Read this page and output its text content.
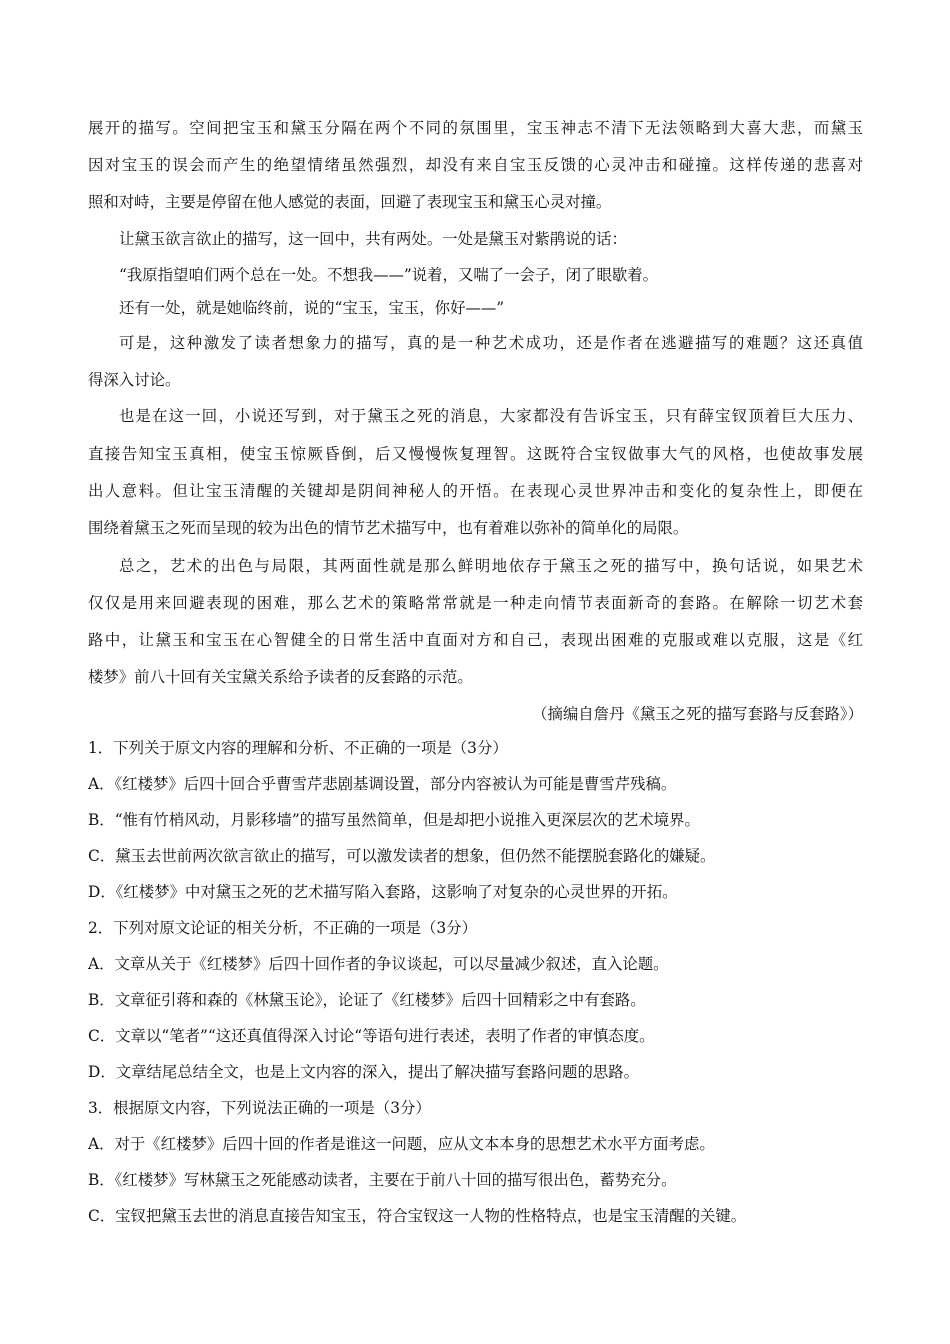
展开的描写。空间把宝玉和黛玉分隔在两个不同的氛围里，宝玉神志不清下无法领略到大喜大悲，而黛玉
因对宝玉的误会而产生的绝望情绪虽然强烈，却没有来自宝玉反馈的心灵冲击和碰撞。这样传递的悲喜对
照和对峙，主要是停留在他人感觉的表面，回避了表现宝玉和黛玉心灵对撞。
让黛玉欲言欲止的描写，这一回中，共有两处。一处是黛玉对紫鹃说的话：
“我原指望咱们两个总在一处。不想我——”说着，又喘了一会子，闭了眼歇着。
还有一处，就是她临终前，说的“宝玉，宝玉，你好——”
可是，这种激发了读者想象力的描写，真的是一种艺术成功，还是作者在逃避描写的难题？这还真值
得深入讨论。
也是在这一回，小说还写到，对于黛玉之死的消息，大家都没有告诉宝玉，只有薛宝钗顶着巨大压力、
直接告知宝玉真相，使宝玉惊厥昏倒，后又慢慢恢复理智。这既符合宝钗做事大气的风格，也使故事发展
出人意料。但让宝玉清醒的关键却是阴间神秘人的开悟。在表现心灵世界冲击和变化的复杂性上，即便在
围绕着黛玉之死而呈现的较为出色的情节艺术描写中，也有着难以弥补的简单化的局限。
总之，艺术的出色与局限，其两面性就是那么鲜明地依存于黛玉之死的描写中，换句话说，如果艺术
仅仅是用来回避表现的困难，那么艺术的策略常常就是一种走向情节表面新奇的套路。在解除一切艺术套
路中，让黛玉和宝玉在心智健全的日常生活中直面对方和自己，表现出困难的克服或难以克服，这是《红
楼梦》前八十回有关宝黛关系给予读者的反套路的示范。
（摘编自詹丹《黛玉之死的描写套路与反套路》）
1．下列关于原文内容的理解和分析、不正确的一项是（3分）
A．《红楼梦》后四十回合乎曹雪芹悲剧基调设置，部分内容被认为可能是曹雪芹残稿。
B．“惟有竹梢风动，月影移墙”的描写虽然简单，但是却把小说推入更深层次的艺术境界。
C．黛玉去世前两次欲言欲止的描写，可以激发读者的想象，但仍然不能摆脱套路化的嫌疑。
D．《红楼梦》中对黛玉之死的艺术描写陷入套路，这影响了对复杂的心灵世界的开拓。
2．下列对原文论证的相关分析，不正确的一项是（3分）
A．文章从关于《红楼梦》后四十回作者的争议谈起，可以尽量减少叙述，直入论题。
B．文章征引蒋和森的《林黛玉论》，论证了《红楼梦》后四十回精彩之中有套路。
C．文章以“笔者”“这还真值得深入讨论“等语句进行表述，表明了作者的审慎态度。
D．文章结尾总结全文，也是上文内容的深入，提出了解决描写套路问题的思路。
3．根据原文内容，下列说法正确的一项是（3分）
A．对于《红楼梦》后四十回的作者是谁这一问题，应从文本本身的思想艺术水平方面考虑。
B．《红楼梦》写林黛玉之死能感动读者，主要在于前八十回的描写很出色，蓄势充分。
C．宝钗把黛玉去世的消息直接告知宝玉，符合宝钗这一人物的性格特点，也是宝玉清醒的关键。
